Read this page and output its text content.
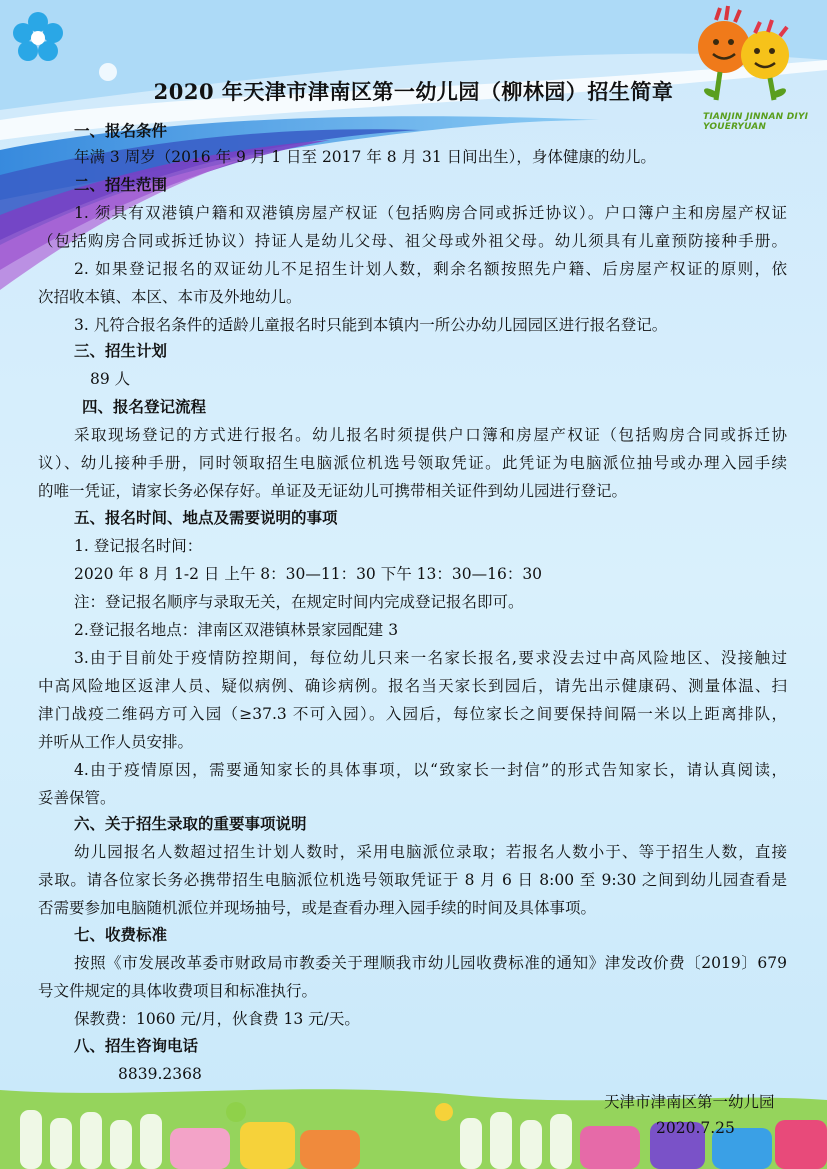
2020 年天津市津南区第一幼儿园（柳林园）招生简章
TIANJIN JINNAN DIYI YOUERYUAN
一、报名条件
年满 3 周岁（2016 年 9 月 1 日至 2017 年 8 月 31 日间出生），身体健康的幼儿。
二、招生范围
1. 须具有双港镇户籍和双港镇房屋产权证（包括购房合同或拆迁协议）。户口簿户主和房屋产权证
（包括购房合同或拆迁协议）持证人是幼儿父母、祖父母或外祖父母。幼儿须具有儿童预防接种手册。
2. 如果登记报名的双证幼儿不足招生计划人数，剩余名额按照先户籍、后房屋产权证的原则，依
次招收本镇、本区、本市及外地幼儿。
3. 凡符合报名条件的适龄儿童报名时只能到本镇内一所公办幼儿园园区进行报名登记。
三、招生计划
89 人
四、报名登记流程
采取现场登记的方式进行报名。幼儿报名时须提供户口簿和房屋产权证（包括购房合同或拆迁协
议）、幼儿接种手册，同时领取招生电脑派位机选号领取凭证。此凭证为电脑派位抽号或办理入园手续
的唯一凭证，请家长务必保存好。单证及无证幼儿可携带相关证件到幼儿园进行登记。
五、报名时间、地点及需要说明的事项
1. 登记报名时间：
2020 年 8 月 1-2 日 上午 8：30—11：30 下午 13：30—16：30
注：登记报名顺序与录取无关，在规定时间内完成登记报名即可。
2.登记报名地点：津南区双港镇林景家园配建 3
3.由于目前处于疫情防控期间，每位幼儿只来一名家长报名,要求没去过中高风险地区、没接触过
中高风险地区返津人员、疑似病例、确诊病例。报名当天家长到园后，请先出示健康码、测量体温、扫
津门战疫二维码方可入园（≥37.3 不可入园）。入园后，每位家长之间要保持间隔一米以上距离排队，
并听从工作人员安排。
4.由于疫情原因，需要通知家长的具体事项，以“致家长一封信”的形式告知家长，请认真阅读，
妥善保管。
六、关于招生录取的重要事项说明
幼儿园报名人数超过招生计划人数时，采用电脑派位录取；若报名人数小于、等于招生人数，直接
录取。请各位家长务必携带招生电脑派位机选号领取凭证于 8 月 6 日 8:00 至 9:30 之间到幼儿园查看是
否需要参加电脑随机派位并现场抽号，或是查看办理入园手续的时间及具体事项。
七、收费标准
按照《市发展改革委市财政局市教委关于理顺我市幼儿园收费标准的通知》津发改价费〔2019〕679
号文件规定的具体收费项目和标准执行。
保教费：1060 元/月，伙食费 13 元/天。
八、招生咨询电话
8839.2368
天津市津南区第一幼儿园
2020.7.25
